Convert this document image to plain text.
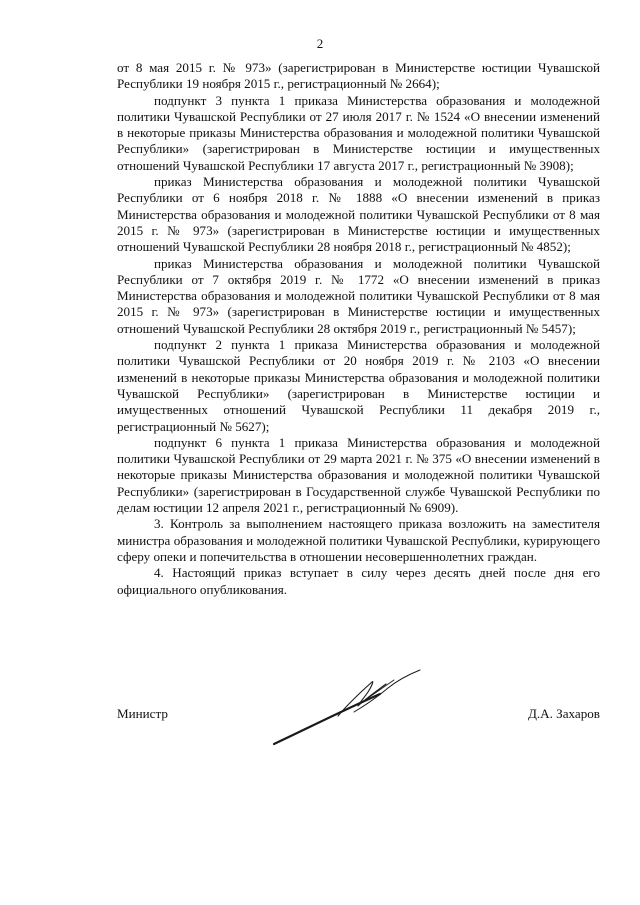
2

от 8 мая 2015 г. № 973» (зарегистрирован в Министерстве юстиции Чувашской Республики 19 ноября 2015 г., регистрационный № 2664);

подпункт 3 пункта 1 приказа Министерства образования и молодежной политики Чувашской Республики от 27 июля 2017 г. № 1524 «О внесении изменений в некоторые приказы Министерства образования и молодежной политики Чувашской Республики» (зарегистрирован в Министерстве юстиции и имущественных отношений Чувашской Республики 17 августа 2017 г., регистрационный № 3908);

приказ Министерства образования и молодежной политики Чувашской Республики от 6 ноября 2018 г. № 1888 «О внесении изменений в приказ Министерства образования и молодежной политики Чувашской Республики от 8 мая 2015 г. № 973» (зарегистрирован в Министерстве юстиции и имущественных отношений Чувашской Республики 28 ноября 2018 г., регистрационный № 4852);

приказ Министерства образования и молодежной политики Чувашской Республики от 7 октября 2019 г. № 1772 «О внесении изменений в приказ Министерства образования и молодежной политики Чувашской Республики от 8 мая 2015 г. № 973» (зарегистрирован в Министерстве юстиции и имущественных отношений Чувашской Республики 28 октября 2019 г., регистрационный № 5457);

подпункт 2 пункта 1 приказа Министерства образования и молодежной политики Чувашской Республики от 20 ноября 2019 г. № 2103 «О внесении изменений в некоторые приказы Министерства образования и молодежной политики Чувашской Республики» (зарегистрирован в Министерстве юстиции и имущественных отношений Чувашской Республики 11 декабря 2019 г., регистрационный № 5627);

подпункт 6 пункта 1 приказа Министерства образования и молодежной политики Чувашской Республики от 29 марта 2021 г. № 375 «О внесении изменений в некоторые приказы Министерства образования и молодежной политики Чувашской Республики» (зарегистрирован в Государственной службе Чувашской Республики по делам юстиции 12 апреля 2021 г., регистрационный № 6909).

3. Контроль за выполнением настоящего приказа возложить на заместителя министра образования и молодежной политики Чувашской Республики, курирующего сферу опеки и попечительства в отношении несовершеннолетних граждан.

4. Настоящий приказ вступает в силу через десять дней после дня его официального опубликования.

Министр	Д.А. Захаров
